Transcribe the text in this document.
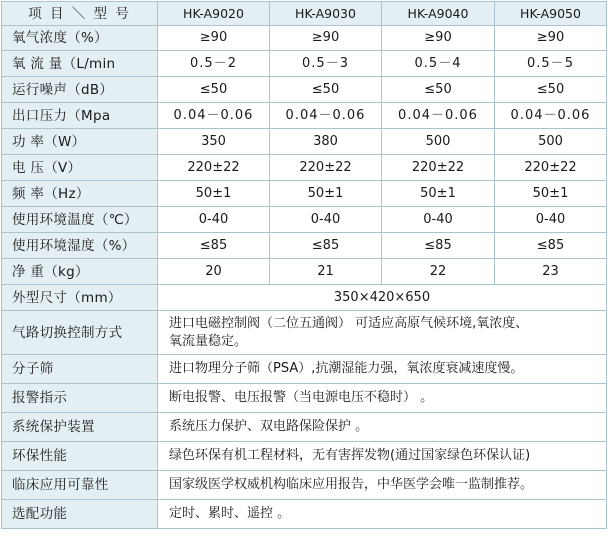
项 目 ＼ 型 号	HK-A9020	HK-A9030	HK-A9040	HK-A9050
氧气浓度（%）	≥90	≥90	≥90	≥90
氧 流 量（L/min	0.5－2	0.5－3	0.5－4	0.5－5
运行噪声（dB）	≤50	≤50	≤50	≤50
出口压力（Mpa	0.04－0.06	0.04－0.06	0.04－0.06	0.04－0.06
功 率（W）	350	380	500	500
电 压（V）	220±22	220±22	220±22	220±22
频 率（Hz）	50±1	50±1	50±1	50±1
使用环境温度（℃）	0-40	0-40	0-40	0-40
使用环境湿度（%）	≤85	≤85	≤85	≤85
净 重（kg）	20	21	22	23
外型尺寸（mm）	350×420×650			
气路切换控制方式	进口电磁控制阀（二位五通阀） 可适应高原气候环境,氧浓度、
氧流量稳定。			
分子筛	进口物理分子筛（PSA）,抗潮湿能力强，氧浓度衰减速度慢。			
报警指示	断电报警、电压报警（当电源电压不稳时） 。			
系统保护装置	系统压力保护、双电路保险保护 。			
环保性能	绿色环保有机工程材料，无有害挥发物(通过国家绿色环保认证)			
临床应用可靠性	国家级医学权威机构临床应用报告，中华医学会唯一监制推荐。			
选配功能	定时、累时、遥控 。			
